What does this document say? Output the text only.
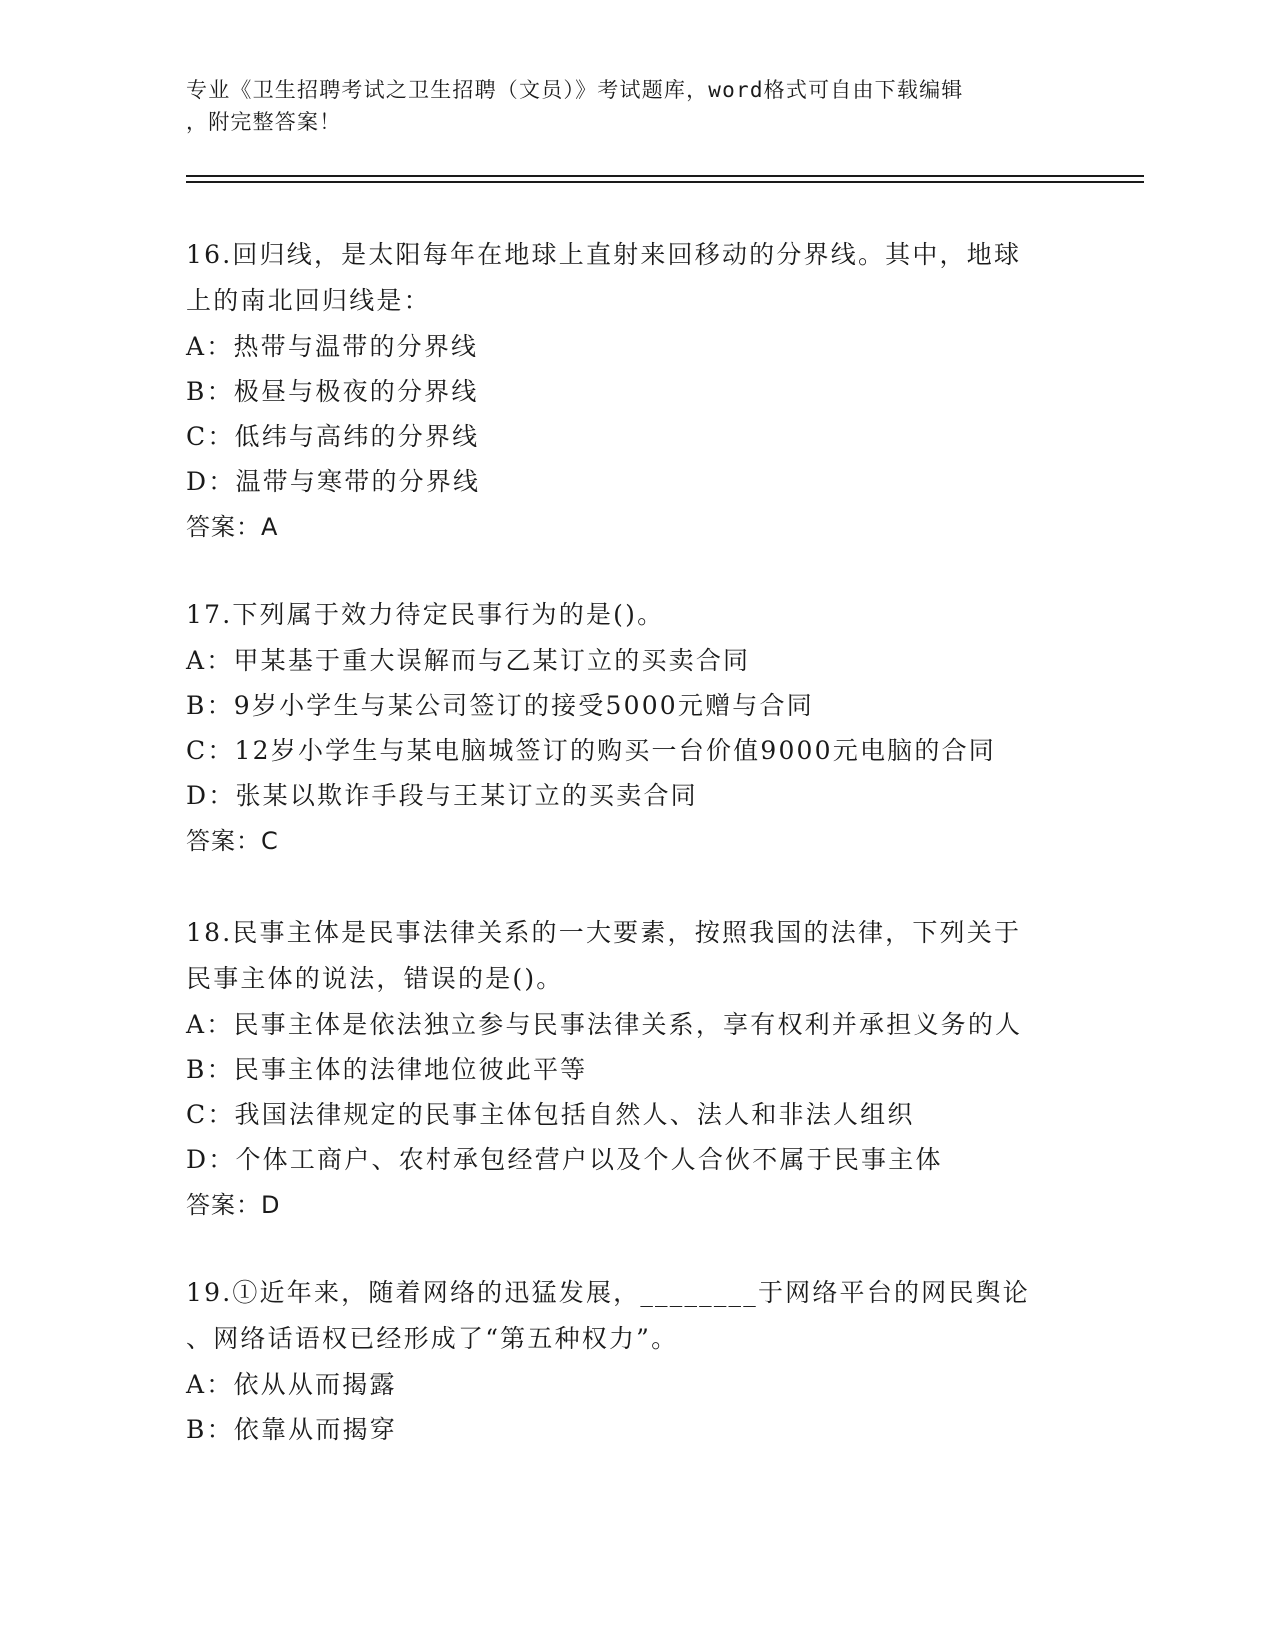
专业《卫生招聘考试之卫生招聘（文员）》考试题库，word格式可自由下载编辑

，附完整答案！

16.回归线，是太阳每年在地球上直射来回移动的分界线。其中，地球
上的南北回归线是：
A：热带与温带的分界线
B：极昼与极夜的分界线
C：低纬与高纬的分界线
D：温带与寒带的分界线
答案：A
17.下列属于效力待定民事行为的是()。
A：甲某基于重大误解而与乙某订立的买卖合同
B：9岁小学生与某公司签订的接受5000元赠与合同
C：12岁小学生与某电脑城签订的购买一台价值9000元电脑的合同
D：张某以欺诈手段与王某订立的买卖合同
答案：C
18.民事主体是民事法律关系的一大要素，按照我国的法律，下列关于
民事主体的说法，错误的是()。
A：民事主体是依法独立参与民事法律关系，享有权利并承担义务的人
B：民事主体的法律地位彼此平等
C：我国法律规定的民事主体包括自然人、法人和非法人组织
D：个体工商户、农村承包经营户以及个人合伙不属于民事主体
答案：D
19.①近年来，随着网络的迅猛发展，________于网络平台的网民舆论
、网络话语权已经形成了“第五种权力”。
A：依从从而揭露
B：依靠从而揭穿
